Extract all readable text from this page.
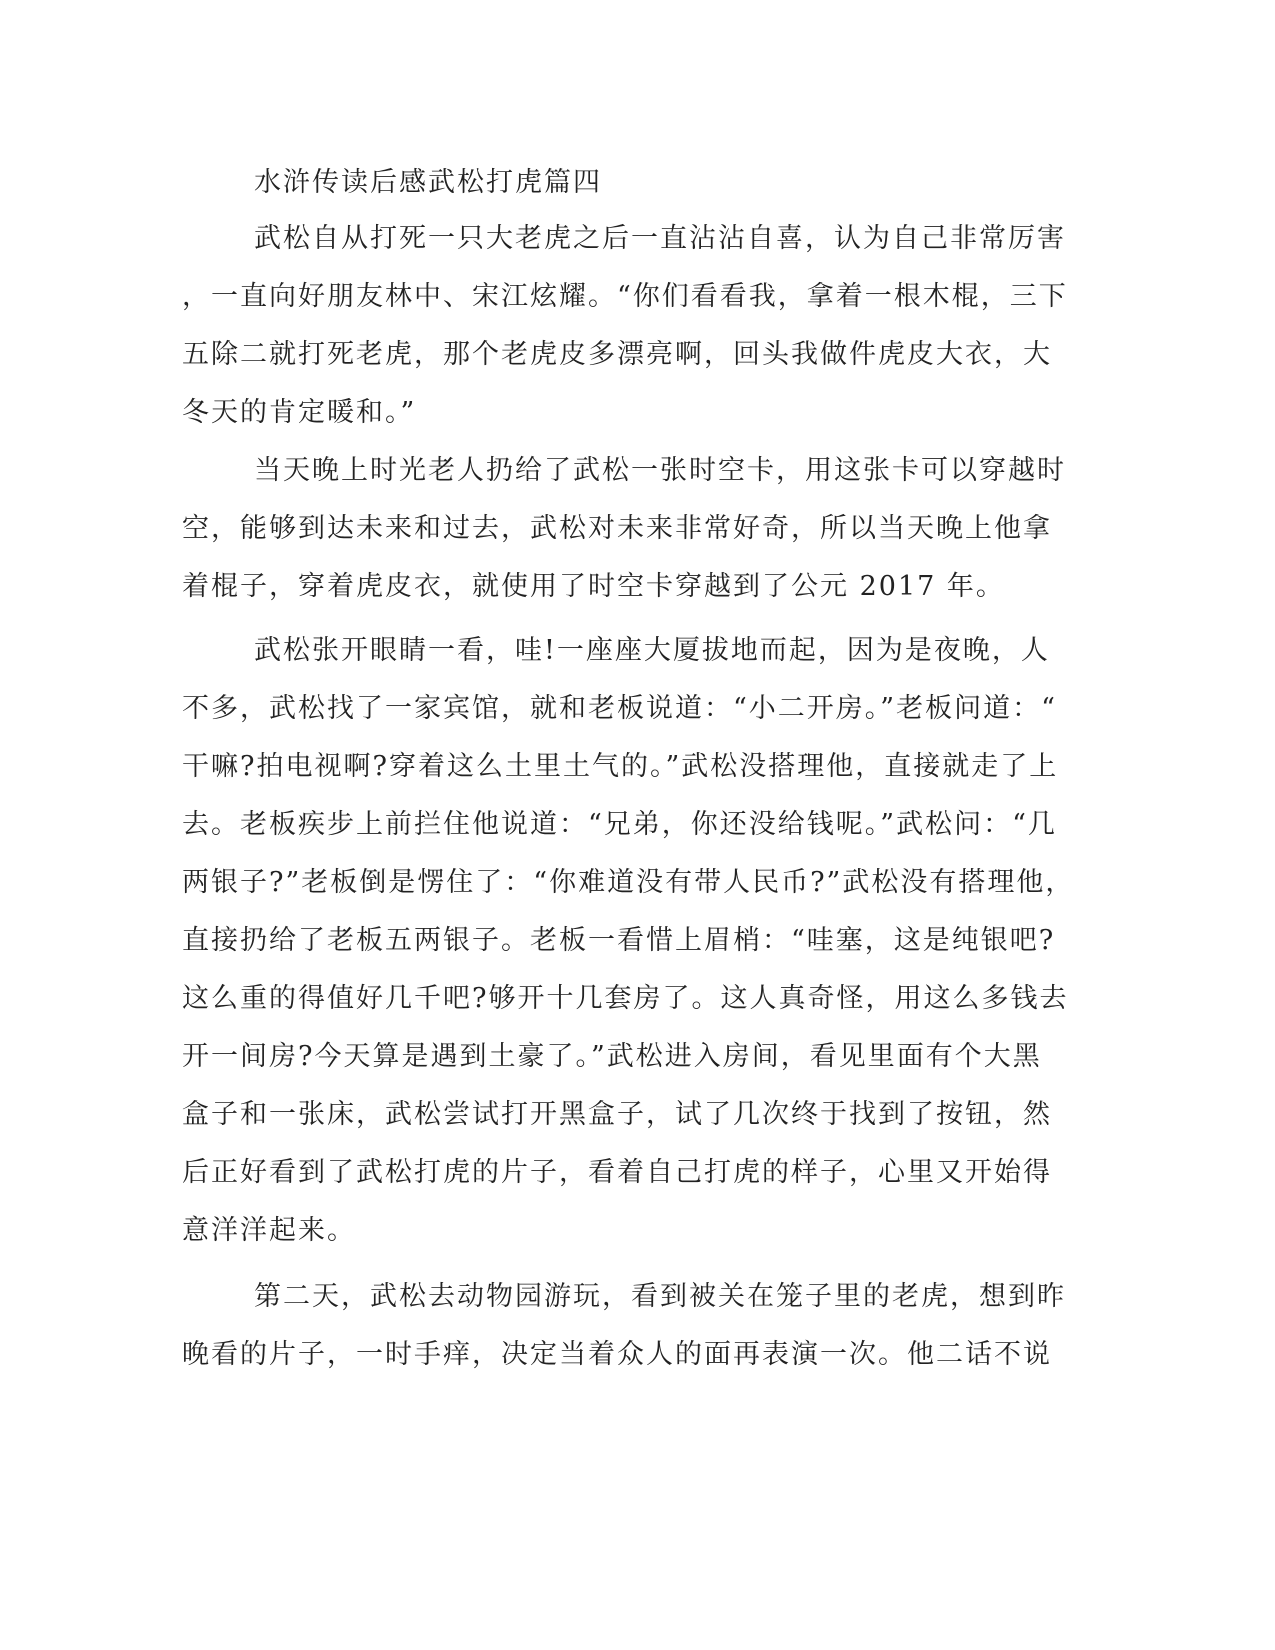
水浒传读后感武松打虎篇四
武松自从打死一只大老虎之后一直沾沾自喜，认为自己非常厉害
，一直向好朋友林中、宋江炫耀。“你们看看我，拿着一根木棍，三下
五除二就打死老虎，那个老虎皮多漂亮啊，回头我做件虎皮大衣，大
冬天的肯定暖和。”
当天晚上时光老人扔给了武松一张时空卡，用这张卡可以穿越时
空，能够到达未来和过去，武松对未来非常好奇，所以当天晚上他拿
着棍子，穿着虎皮衣，就使用了时空卡穿越到了公元 2017 年。
武松张开眼睛一看，哇!一座座大厦拔地而起，因为是夜晚，人
不多，武松找了一家宾馆，就和老板说道：“小二开房。”老板问道：“
干嘛?拍电视啊?穿着这么土里土气的。”武松没搭理他，直接就走了上
去。老板疾步上前拦住他说道：“兄弟，你还没给钱呢。”武松问：“几
两银子?”老板倒是愣住了：“你难道没有带人民币?”武松没有搭理他，
直接扔给了老板五两银子。老板一看惜上眉梢：“哇塞，这是纯银吧?
这么重的得值好几千吧?够开十几套房了。这人真奇怪，用这么多钱去
开一间房?今天算是遇到土豪了。”武松进入房间，看见里面有个大黑
盒子和一张床，武松尝试打开黑盒子，试了几次终于找到了按钮，然
后正好看到了武松打虎的片子，看着自己打虎的样子，心里又开始得
意洋洋起来。
第二天，武松去动物园游玩，看到被关在笼子里的老虎，想到昨
晚看的片子，一时手痒，决定当着众人的面再表演一次。他二话不说
